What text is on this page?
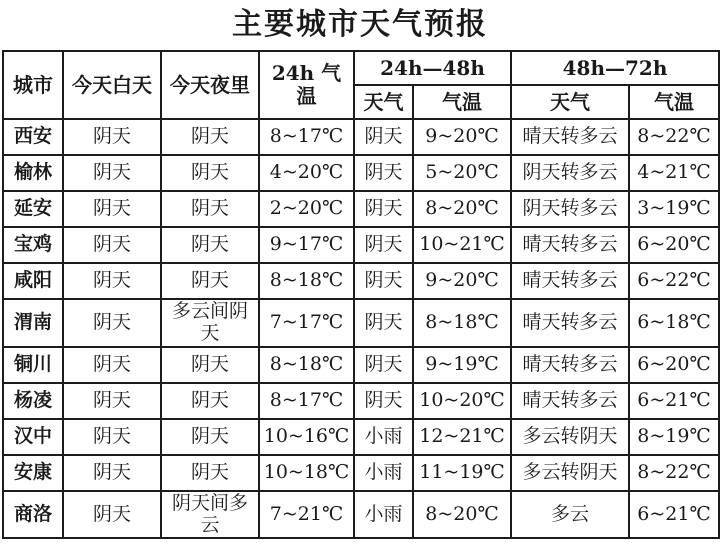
主要城市天气预报
城市	今天白天	今天夜里	24h 气温	24h—48h		48h—72h	
				天气	气温	天气	气温
西安	阴天	阴天	8~17℃	阴天	9~20℃	晴天转多云	8~22℃
榆林	阴天	阴天	4~20℃	阴天	5~20℃	阴天转多云	4~21℃
延安	阴天	阴天	2~20℃	阴天	8~20℃	阴天转多云	3~19℃
宝鸡	阴天	阴天	9~17℃	阴天	10~21℃	晴天转多云	6~20℃
咸阳	阴天	阴天	8~18℃	阴天	9~20℃	晴天转多云	6~22℃
渭南	阴天	多云间阴天	7~17℃	阴天	8~18℃	晴天转多云	6~18℃
铜川	阴天	阴天	8~18℃	阴天	9~19℃	晴天转多云	6~20℃
杨凌	阴天	阴天	8~17℃	阴天	10~20℃	晴天转多云	6~21℃
汉中	阴天	阴天	10~16℃	小雨	12~21℃	多云转阴天	8~19℃
安康	阴天	阴天	10~18℃	小雨	11~19℃	多云转阴天	8~22℃
商洛	阴天	阴天间多云	7~21℃	小雨	8~20℃	多云	6~21℃
